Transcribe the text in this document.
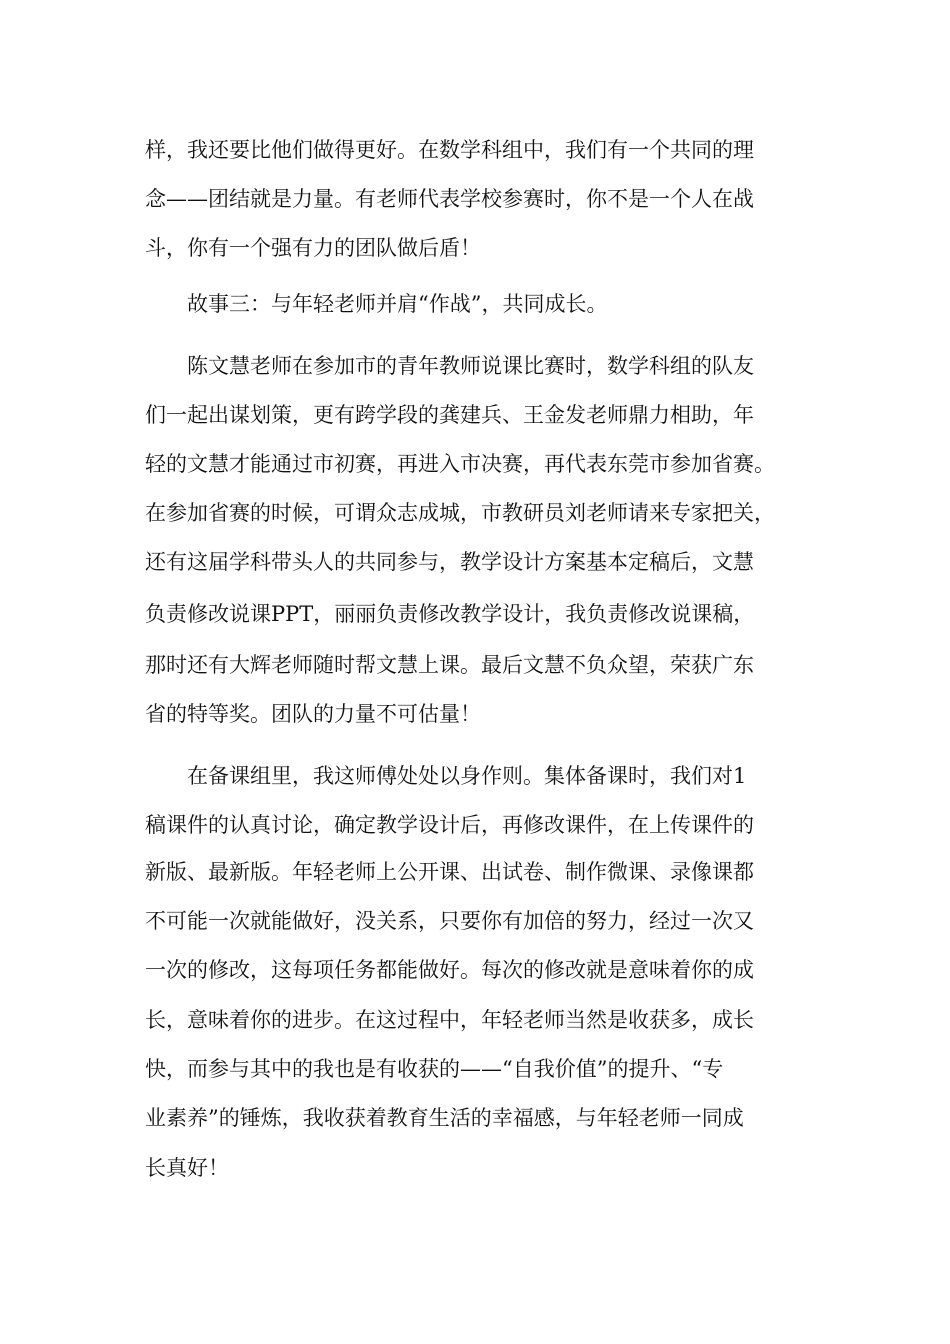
样，我还要比他们做得更好。在数学科组中，我们有一个共同的理
念——团结就是力量。有老师代表学校参赛时，你不是一个人在战
斗，你有一个强有力的团队做后盾！
故事三：与年轻老师并肩“作战”，共同成长。
陈文慧老师在参加市的青年教师说课比赛时，数学科组的队友
们一起出谋划策，更有跨学段的龚建兵、王金发老师鼎力相助，年
轻的文慧才能通过市初赛，再进入市决赛，再代表东莞市参加省赛。
在参加省赛的时候，可谓众志成城，市教研员刘老师请来专家把关，
还有这届学科带头人的共同参与，教学设计方案基本定稿后，文慧
负责修改说课PPT，丽丽负责修改教学设计，我负责修改说课稿，
那时还有大辉老师随时帮文慧上课。最后文慧不负众望，荣获广东
省的特等奖。团队的力量不可估量！
在备课组里，我这师傅处处以身作则。集体备课时，我们对1
稿课件的认真讨论，确定教学设计后，再修改课件，在上传课件的
新版、最新版。年轻老师上公开课、出试卷、制作微课、录像课都
不可能一次就能做好，没关系，只要你有加倍的努力，经过一次又
一次的修改，这每项任务都能做好。每次的修改就是意味着你的成
长，意味着你的进步。在这过程中，年轻老师当然是收获多，成长
快，而参与其中的我也是有收获的——“自我价值”的提升、“专
业素养”的锤炼，我收获着教育生活的幸福感，与年轻老师一同成
长真好！
